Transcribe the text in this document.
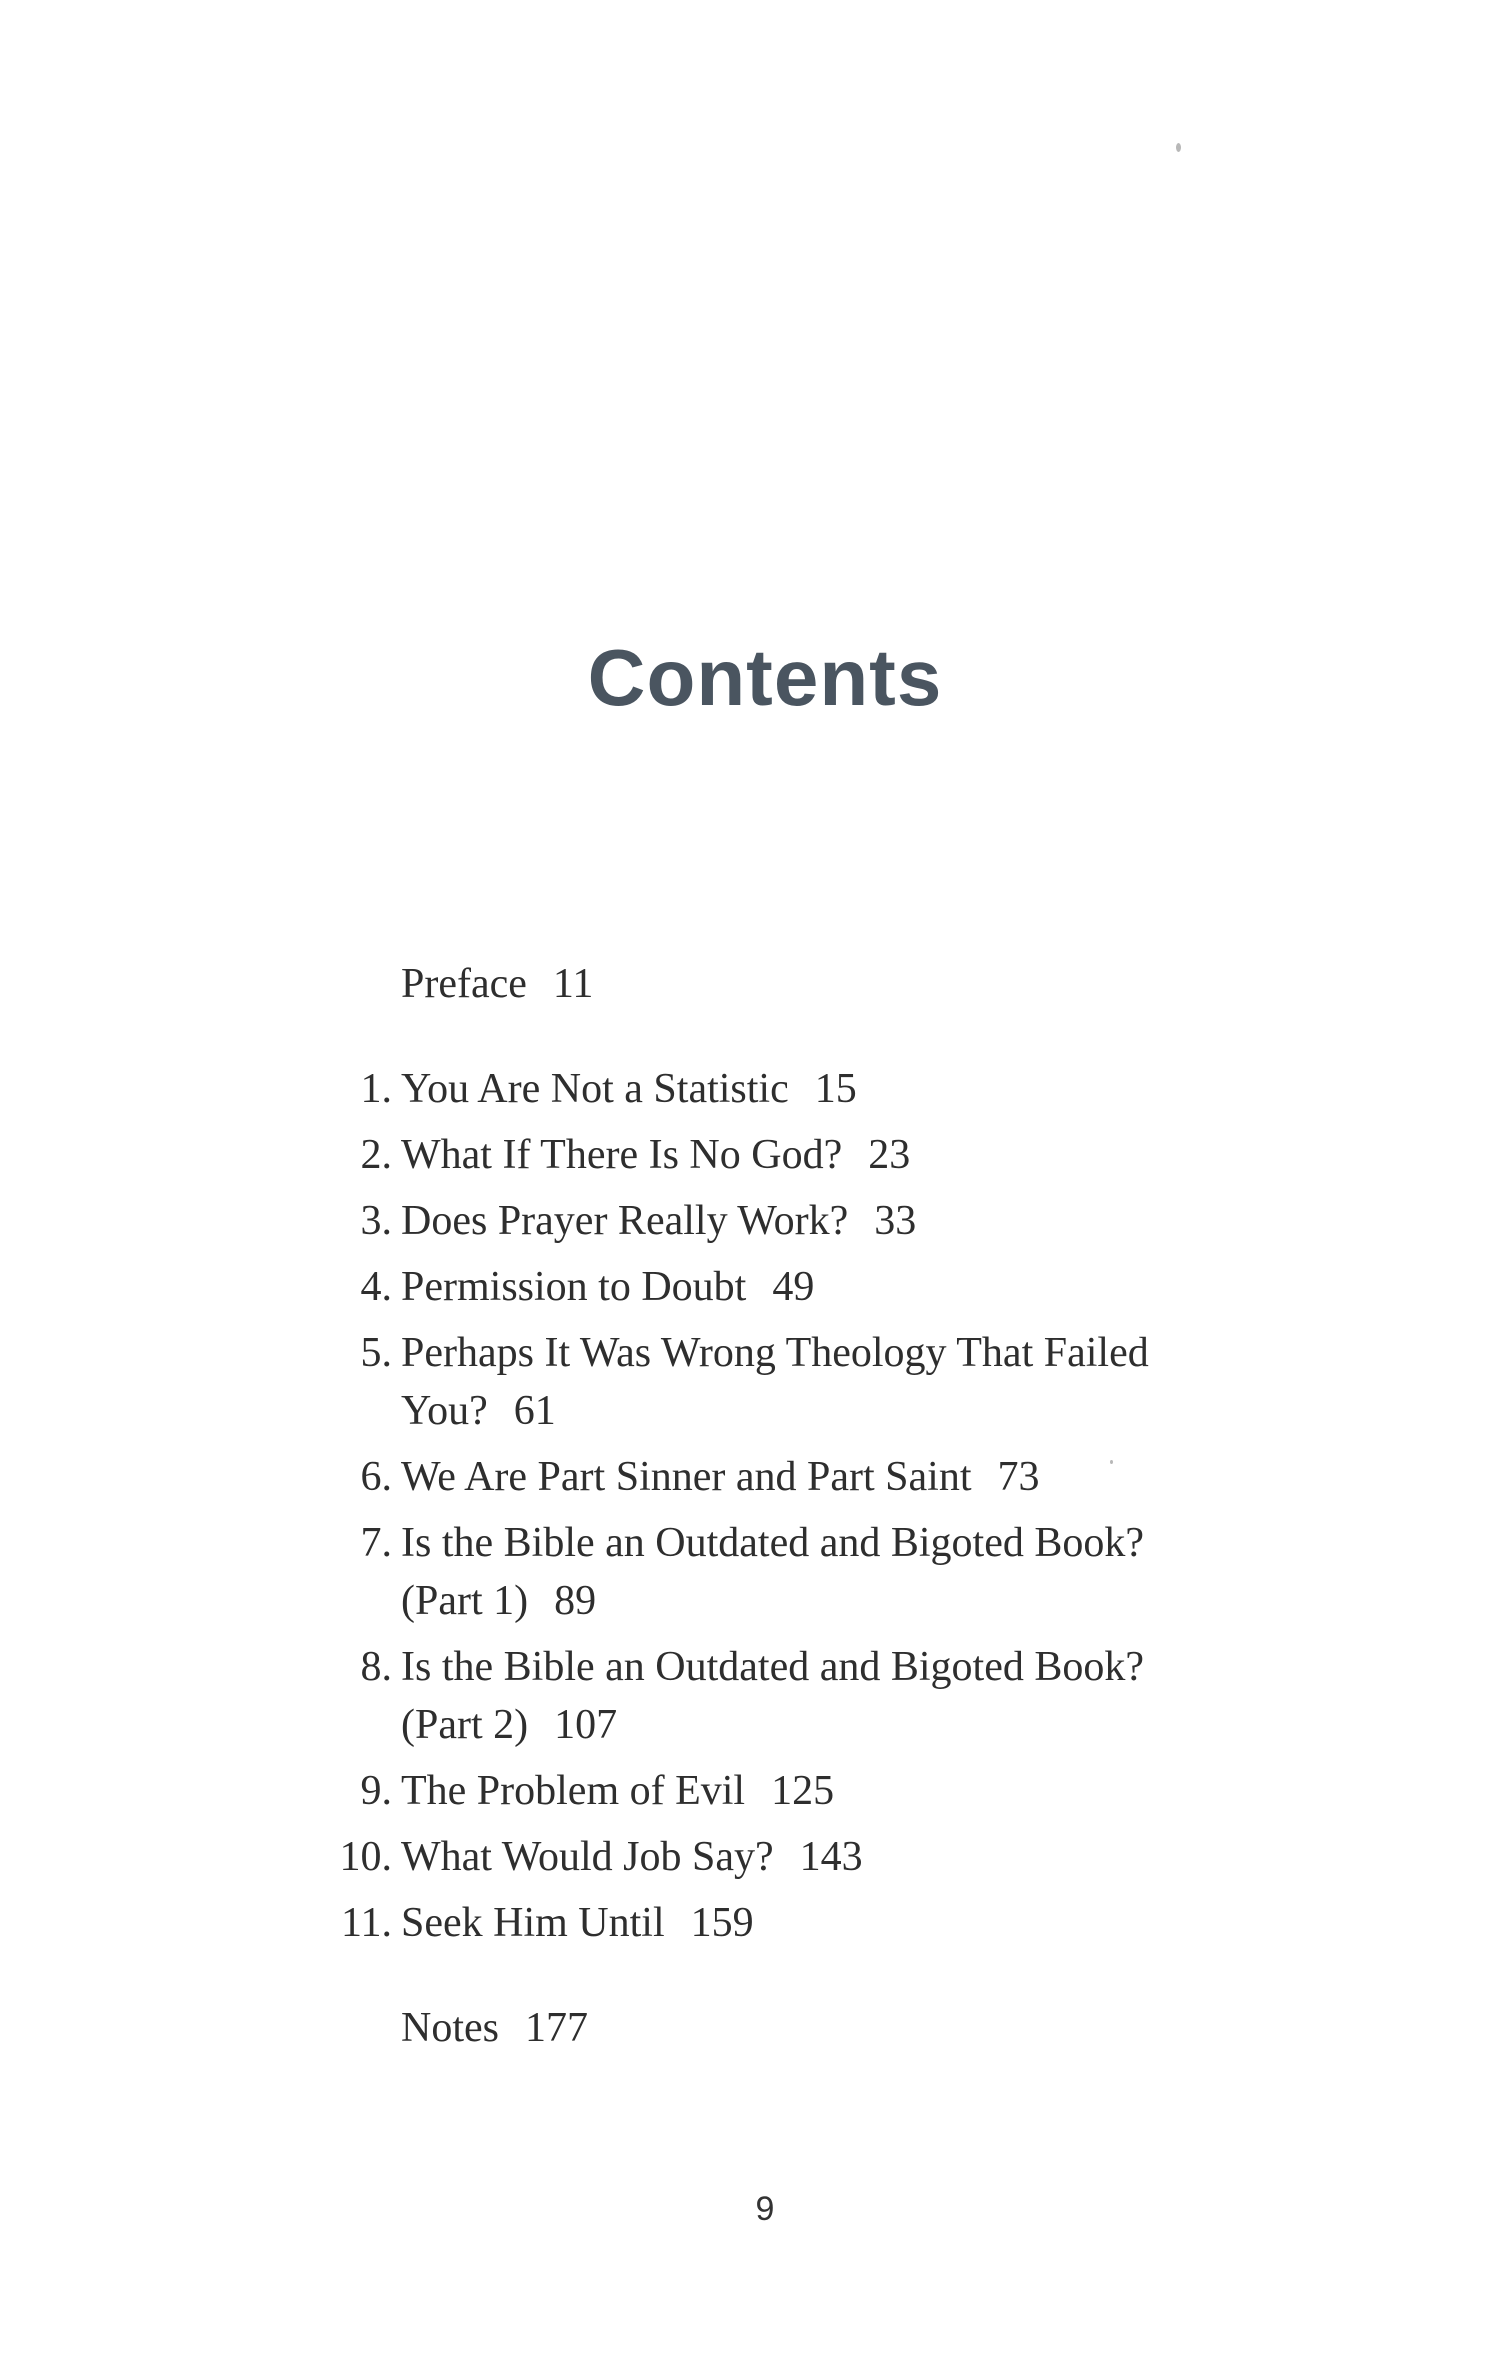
Contents
Preface 11
1. You Are Not a Statistic 15
2. What If There Is No God? 23
3. Does Prayer Really Work? 33
4. Permission to Doubt 49
5. Perhaps It Was Wrong Theology That Failed
You? 61
6. We Are Part Sinner and Part Saint 73
7. Is the Bible an Outdated and Bigoted Book?
(Part 1) 89
8. Is the Bible an Outdated and Bigoted Book?
(Part 2) 107
9. The Problem of Evil 125
10. What Would Job Say? 143
11. Seek Him Until 159
Notes 177
9
